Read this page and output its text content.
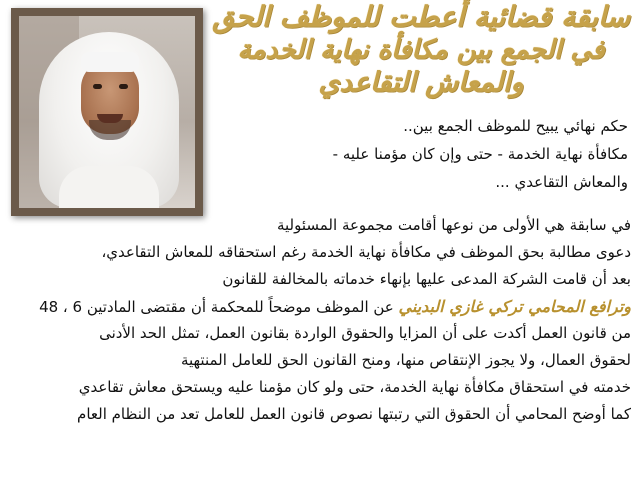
سابقة قضائية أعطت للموظف الحق
في الجمع بين مكافأة نهاية الخدمة
والمعاش التقاعدي
حكم نهائي يبيح للموظف الجمع بين..
مكافأة نهاية الخدمة - حتى وإن كان مؤمنا عليه -
والمعاش التقاعدي ...
في سابقة هي الأولى من نوعها أقامت مجموعة المسئولية
دعوى مطالبة بحق الموظف في مكافأة نهاية الخدمة رغم استحقاقه للمعاش التقاعدي،
بعد أن قامت الشركة المدعى عليها بإنهاء خدماته بالمخالفة للقانون
وترافع المحامي تركي غازي البديني عن الموظف موضحاً للمحكمة أن مقتضى المادتين 6 ، 48
من قانون العمل أكدت على أن المزايا والحقوق الواردة بقانون العمل، تمثل الحد الأدنى
لحقوق العمال، ولا يجوز الإنتقاص منها، ومنح القانون الحق للعامل المنتهية
خدمته في استحقاق مكافأة نهاية الخدمة، حتى ولو كان مؤمنا عليه ويستحق معاش تقاعدي
كما أوضح المحامي أن الحقوق التي رتبتها نصوص قانون العمل للعامل تعد من النظام العام
